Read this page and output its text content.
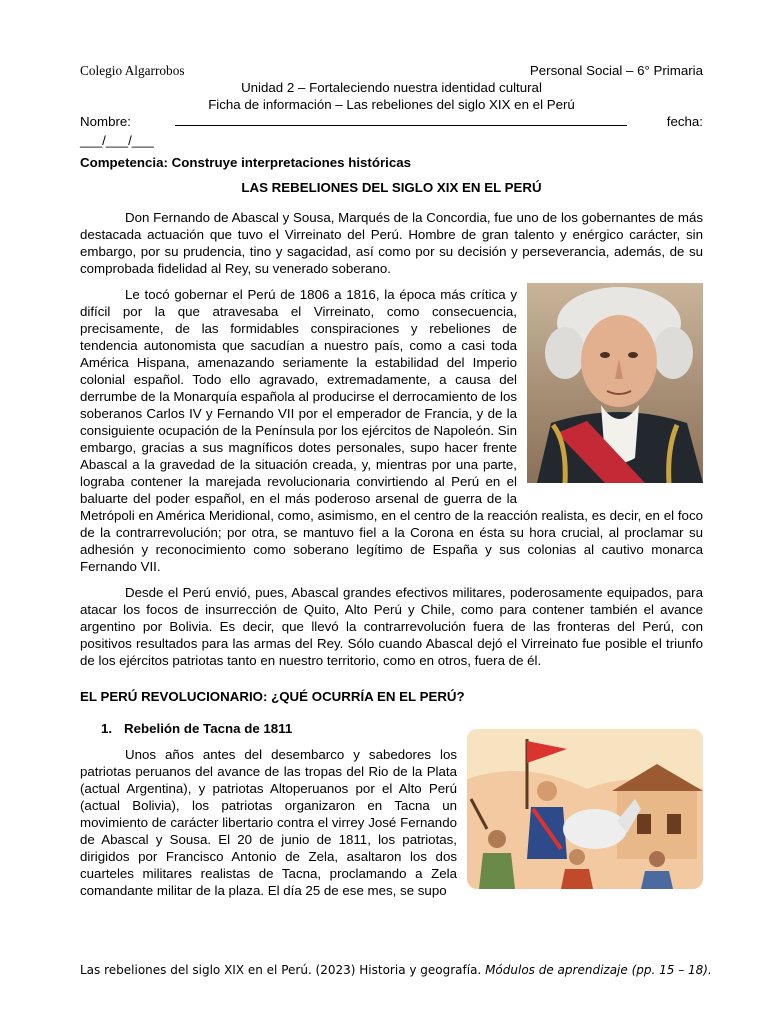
Colegio Algarrobos	Personal Social – 6° Primaria
Unidad 2 – Fortaleciendo nuestra identidad cultural
Ficha de información – Las rebeliones del siglo XIX en el Perú
Nombre:	fecha:
___/___/___
Competencia: Construye interpretaciones históricas
LAS REBELIONES DEL SIGLO XIX EN EL PERÚ

Don Fernando de Abascal y Sousa, Marqués de la Concordia, fue uno de los gobernantes de más destacada actuación que tuvo el Virreinato del Perú. Hombre de gran talento y enérgico carácter, sin embargo, por su prudencia, tino y sagacidad, así como por su decisión y perseverancia, además, de su comprobada fidelidad al Rey, su venerado soberano.

Le tocó gobernar el Perú de 1806 a 1816, la época más crítica y difícil por la que atravesaba el Virreinato, como consecuencia, precisamente, de las formidables conspiraciones y rebeliones de tendencia autonomista que sacudían a nuestro país, como a casi toda América Hispana, amenazando seriamente la estabilidad del Imperio colonial español. Todo ello agravado, extremadamente, a causa del derrumbe de la Monarquía española al producirse el derrocamiento de los soberanos Carlos IV y Fernando VII por el emperador de Francia, y de la consiguiente ocupación de la Península por los ejércitos de Napoleón. Sin embargo, gracias a sus magníficos dotes personales, supo hacer frente Abascal a la gravedad de la situación creada, y, mientras por una parte, lograba contener la marejada revolucionaria convirtiendo al Perú en el baluarte del poder español, en el más poderoso arsenal de guerra de la Metrópoli en América Meridional, como, asimismo, en el centro de la reacción realista, es decir, en el foco de la contrarrevolución; por otra, se mantuvo fiel a la Corona en ésta su hora crucial, al proclamar su adhesión y reconocimiento como soberano legítimo de España y sus colonias al cautivo monarca Fernando VII.

Desde el Perú envió, pues, Abascal grandes efectivos militares, poderosamente equipados, para atacar los focos de insurrección de Quito, Alto Perú y Chile, como para contener también el avance argentino por Bolivia. Es decir, que llevó la contrarrevolución fuera de las fronteras del Perú, con positivos resultados para las armas del Rey. Sólo cuando Abascal dejó el Virreinato fue posible el triunfo de los ejércitos patriotas tanto en nuestro territorio, como en otros, fuera de él.

EL PERÚ REVOLUCIONARIO: ¿QUÉ OCURRÍA EN EL PERÚ?
1. Rebelión de Tacna de 1811

Unos años antes del desembarco y sabedores los patriotas peruanos del avance de las tropas del Rio de la Plata (actual Argentina), y patriotas Altoperuanos por el Alto Perú (actual Bolivia), los patriotas organizaron en Tacna un movimiento de carácter libertario contra el virrey José Fernando de Abascal y Sousa. El 20 de junio de 1811, los patriotas, dirigidos por Francisco Antonio de Zela, asaltaron los dos cuarteles militares realistas de Tacna, proclamando a Zela comandante militar de la plaza. El día 25 de ese mes, se supo

Las rebeliones del siglo XIX en el Perú. (2023) Historia y geografía. Módulos de aprendizaje (pp. 15 – 18).
